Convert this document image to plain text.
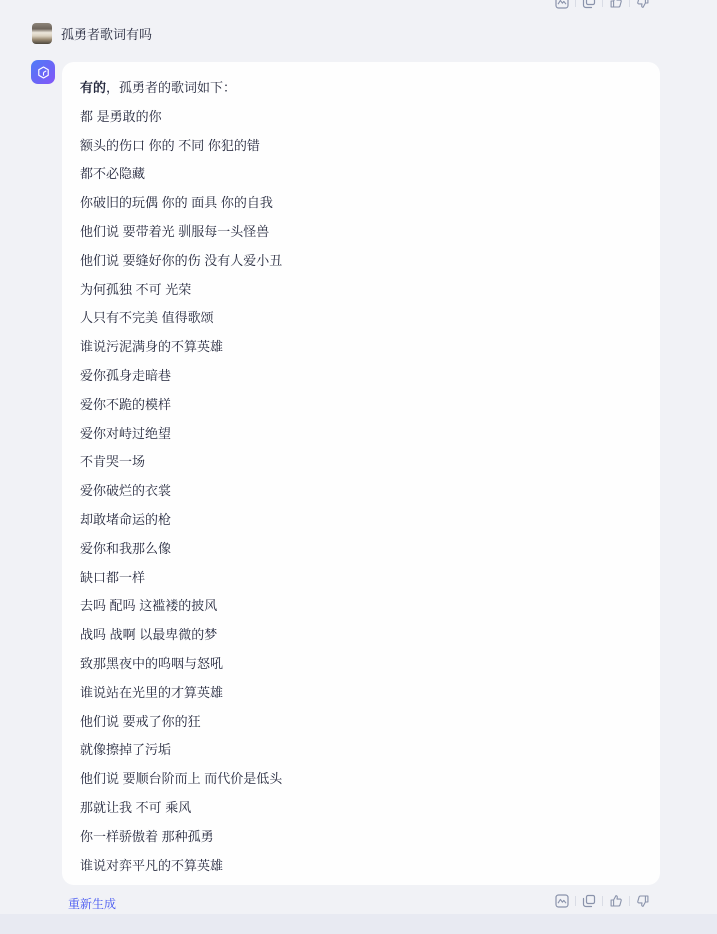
孤勇者歌词有吗

有的，孤勇者的歌词如下：

都 是勇敢的你

额头的伤口 你的 不同 你犯的错

都不必隐藏

你破旧的玩偶 你的 面具 你的自我

他们说 要带着光 驯服每一头怪兽

他们说 要缝好你的伤 没有人爱小丑

为何孤独 不可 光荣

人只有不完美 值得歌颂

谁说污泥满身的不算英雄

爱你孤身走暗巷

爱你不跪的模样

爱你对峙过绝望

不肯哭一场

爱你破烂的衣裳

却敢堵命运的枪

爱你和我那么像

缺口都一样

去吗 配吗 这褴褛的披风

战吗 战啊 以最卑微的梦

致那黑夜中的呜咽与怒吼

谁说站在光里的才算英雄

他们说 要戒了你的狂

就像擦掉了污垢

他们说 要顺台阶而上 而代价是低头

那就让我 不可 乘风

你一样骄傲着 那种孤勇

谁说对弈平凡的不算英雄

重新生成
